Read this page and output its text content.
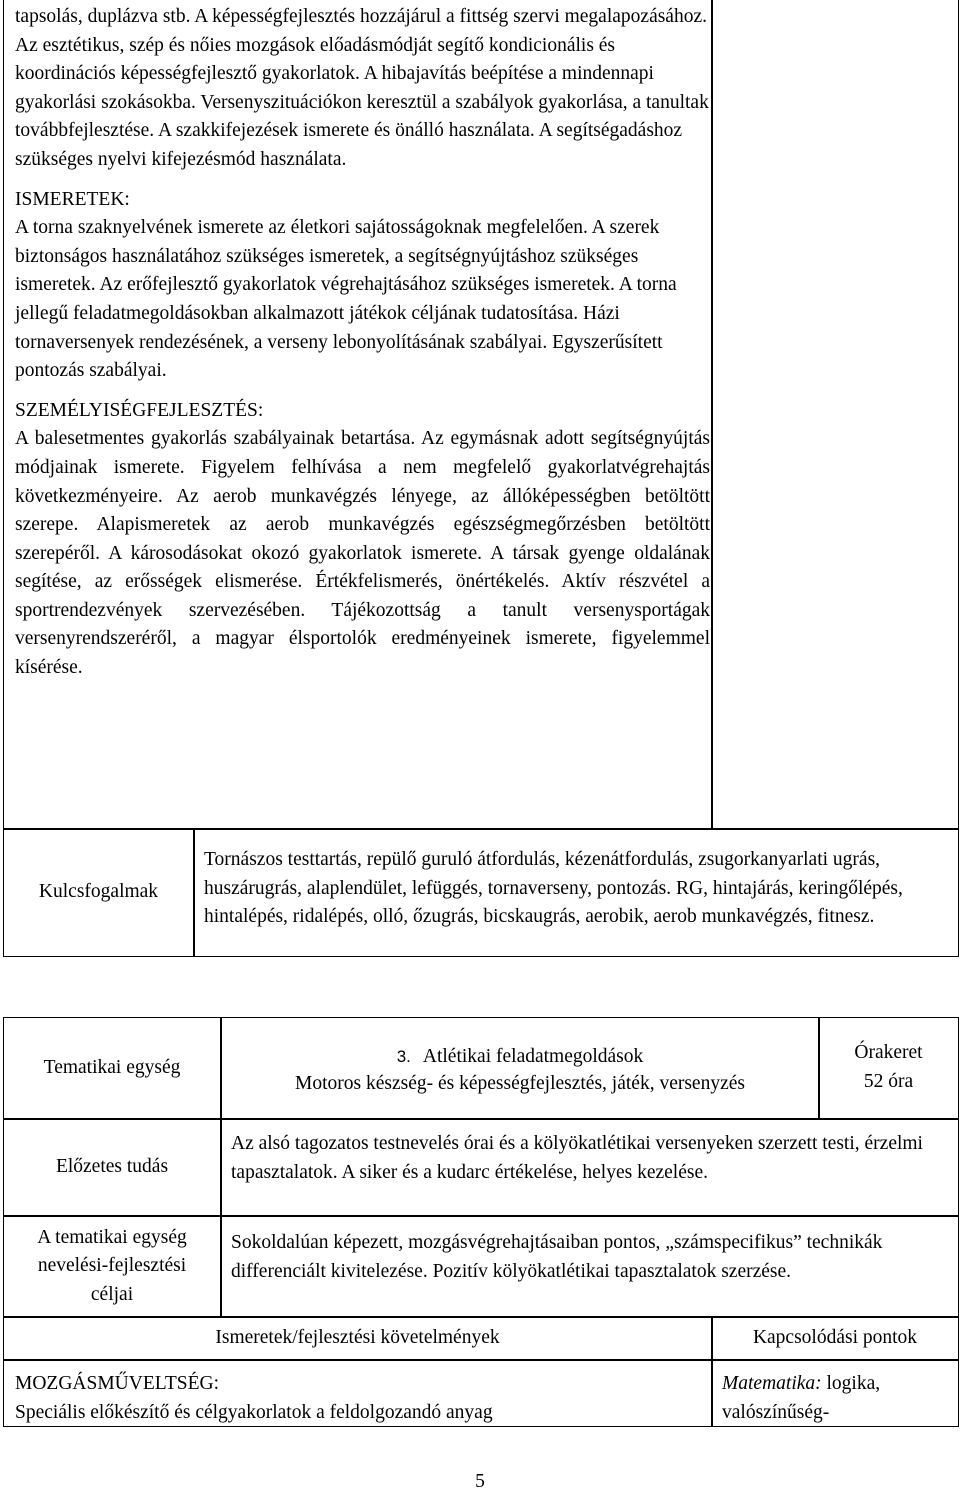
tapsolás, duplázva stb. A képességfejlesztés hozzájárul a fittség szervi megalapozásához. Az esztétikus, szép és nőies mozgások előadásmódját segítő kondicionális és koordinációs képességfejlesztő gyakorlatok. A hibajavítás beépítése a mindennapi gyakorlási szokásokba. Versenyszituációkon keresztül a szabályok gyakorlása, a tanultak továbbfejlesztése. A szakkifejezések ismerete és önálló használata. A segítségadáshoz szükséges nyelvi kifejezésmód használata.

ISMERETEK:

A torna szaknyelvének ismerete az életkori sajátosságoknak megfelelően. A szerek biztonságos használatához szükséges ismeretek, a segítségnyújtáshoz szükséges ismeretek. Az erőfejlesztő gyakorlatok végrehajtásához szükséges ismeretek. A torna jellegű feladatmegoldásokban alkalmazott játékok céljának tudatosítása. Házi tornaversenyek rendezésének, a verseny lebonyolításának szabályai. Egyszerűsített pontozás szabályai.

SZEMÉLYISÉGFEJLESZTÉS:

A balesetmentes gyakorlás szabályainak betartása. Az egymásnak adott segítségnyújtás módjainak ismerete. Figyelem felhívása a nem megfelelő gyakorlatvégrehajtás következményeire. Az aerob munkavégzés lényege, az állóképességben betöltött szerepe. Alapismeretek az aerob munkavégzés egészségmegőrzésben betöltött szerepéről. A károsodásokat okozó gyakorlatok ismerete. A társak gyenge oldalának segítése, az erősségek elismerése. Értékfelismerés, önértékelés. Aktív részvétel a sportrendezvények szervezésében. Tájékozottság a tanult versenysportágak versenyrendszeréről, a magyar élsportolók eredményeinek ismerete, figyelemmel kísérése.

Kulcsfogalmak

Tornászos testtartás, repülő guruló átfordulás, kézenátfordulás, zsugorkanyarlati ugrás, huszárugrás, alaplendület, lefüggés, tornaverseny, pontozás. RG, hintajárás, keringőlépés, hintalépés, ridalépés, olló, őzugrás, bicskaugrás, aerobik, aerob munkavégzés, fitnesz.

Tematikai egység
3. Atlétikai feladatmegoldások
Motoros készség- és képességfejlesztés, játék, versenyzés
Órakeret
52 óra
Előzetes tudás

Az alsó tagozatos testnevelés órai és a kölyökatlétikai versenyeken szerzett testi, érzelmi tapasztalatok. A siker és a kudarc értékelése, helyes kezelése.

A tematikai egység nevelési-fejlesztési céljai

Sokoldalúan képezett, mozgásvégrehajtásaiban pontos, „számspecifikus” technikák differenciált kivitelezése. Pozitív kölyökatlétikai tapasztalatok szerzése.

Ismeretek/fejlesztési követelmények	Kapcsolódási pontok

MOZGÁSMŰVELTSÉG:

Speciális előkészítő és célgyakorlatok a feldolgozandó anyag

Matematika: logika, valószínűség-

5
